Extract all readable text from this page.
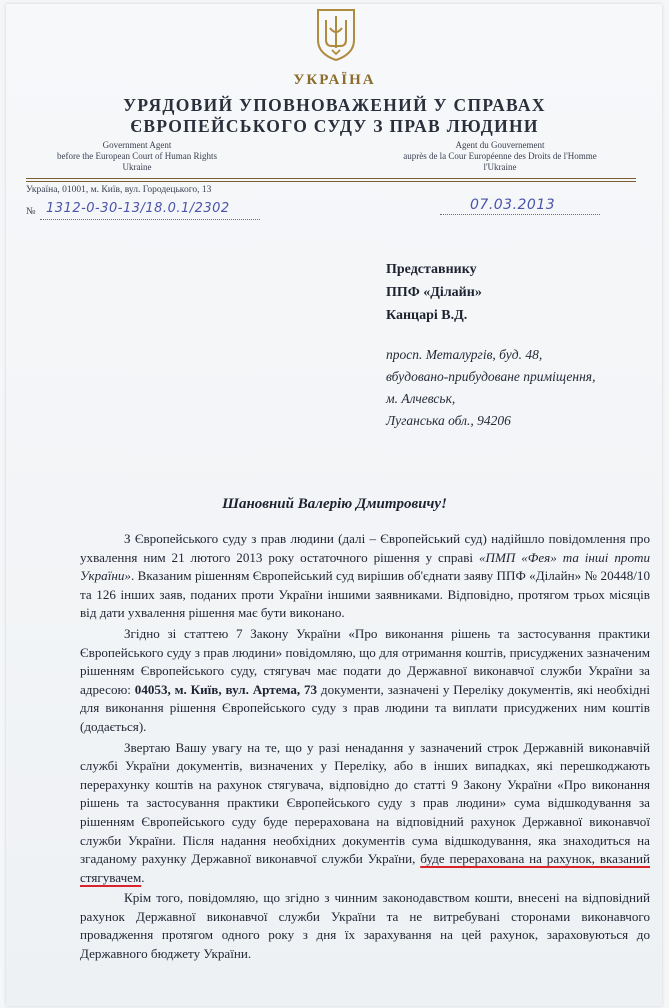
УКРАЇНА
УРЯДОВИЙ УПОВНОВАЖЕНИЙ У СПРАВАХ
ЄВРОПЕЙСЬКОГО СУДУ З ПРАВ ЛЮДИНИ
Government Agent
before the European Court of Human Rights
Ukraine
Agent du Gouvernement
auprès de la Cour Européenne des Droits de l'Homme
l'Ukraine
Україна, 01001, м. Київ, вул. Городецького, 13
№ 1312-0-30-13/18.0.1/2302	07.03.2013
Представнику
ППФ «Ділайн»
Канцарі В.Д.
просп. Металургів, буд. 48,
вбудовано-прибудоване приміщення,
м. Алчевськ,
Луганська обл., 94206
Шановний Валерію Дмитровичу!

З Європейського суду з прав людини (далі – Європейський суд) надійшло повідомлення про ухвалення ним 21 лютого 2013 року остаточного рішення у справі «ПМП «Фея» та інші проти України». Вказаним рішенням Європейський суд вирішив об'єднати заяву ППФ «Ділайн» № 20448/10 та 126 інших заяв, поданих проти України іншими заявниками. Відповідно, протягом трьох місяців від дати ухвалення рішення має бути виконано.

Згідно зі статтею 7 Закону України «Про виконання рішень та застосування практики Європейського суду з прав людини» повідомляю, що для отримання коштів, присуджених зазначеним рішенням Європейського суду, стягувач має подати до Державної виконавчої служби України за адресою: 04053, м. Київ, вул. Артема, 73 документи, зазначені у Переліку документів, які необхідні для виконання рішення Європейського суду з прав людини та виплати присуджених ним коштів (додається).

Звертаю Вашу увагу на те, що у разі ненадання у зазначений строк Державній виконавчій службі України документів, визначених у Переліку, або в інших випадках, які перешкоджають перерахунку коштів на рахунок стягувача, відповідно до статті 9 Закону України «Про виконання рішень та застосування практики Європейського суду з прав людини» сума відшкодування за рішенням Європейського суду буде перерахована на відповідний рахунок Державної виконавчої служби України. Після надання необхідних документів сума відшкодування, яка знаходиться на згаданому рахунку Державної виконавчої служби України, буде перерахована на рахунок, вказаний стягувачем.

Крім того, повідомляю, що згідно з чинним законодавством кошти, внесені на відповідний рахунок Державної виконавчої служби України та не витребувані сторонами виконавчого провадження протягом одного року з дня їх зарахування на цей рахунок, зараховуються до Державного бюджету України.
